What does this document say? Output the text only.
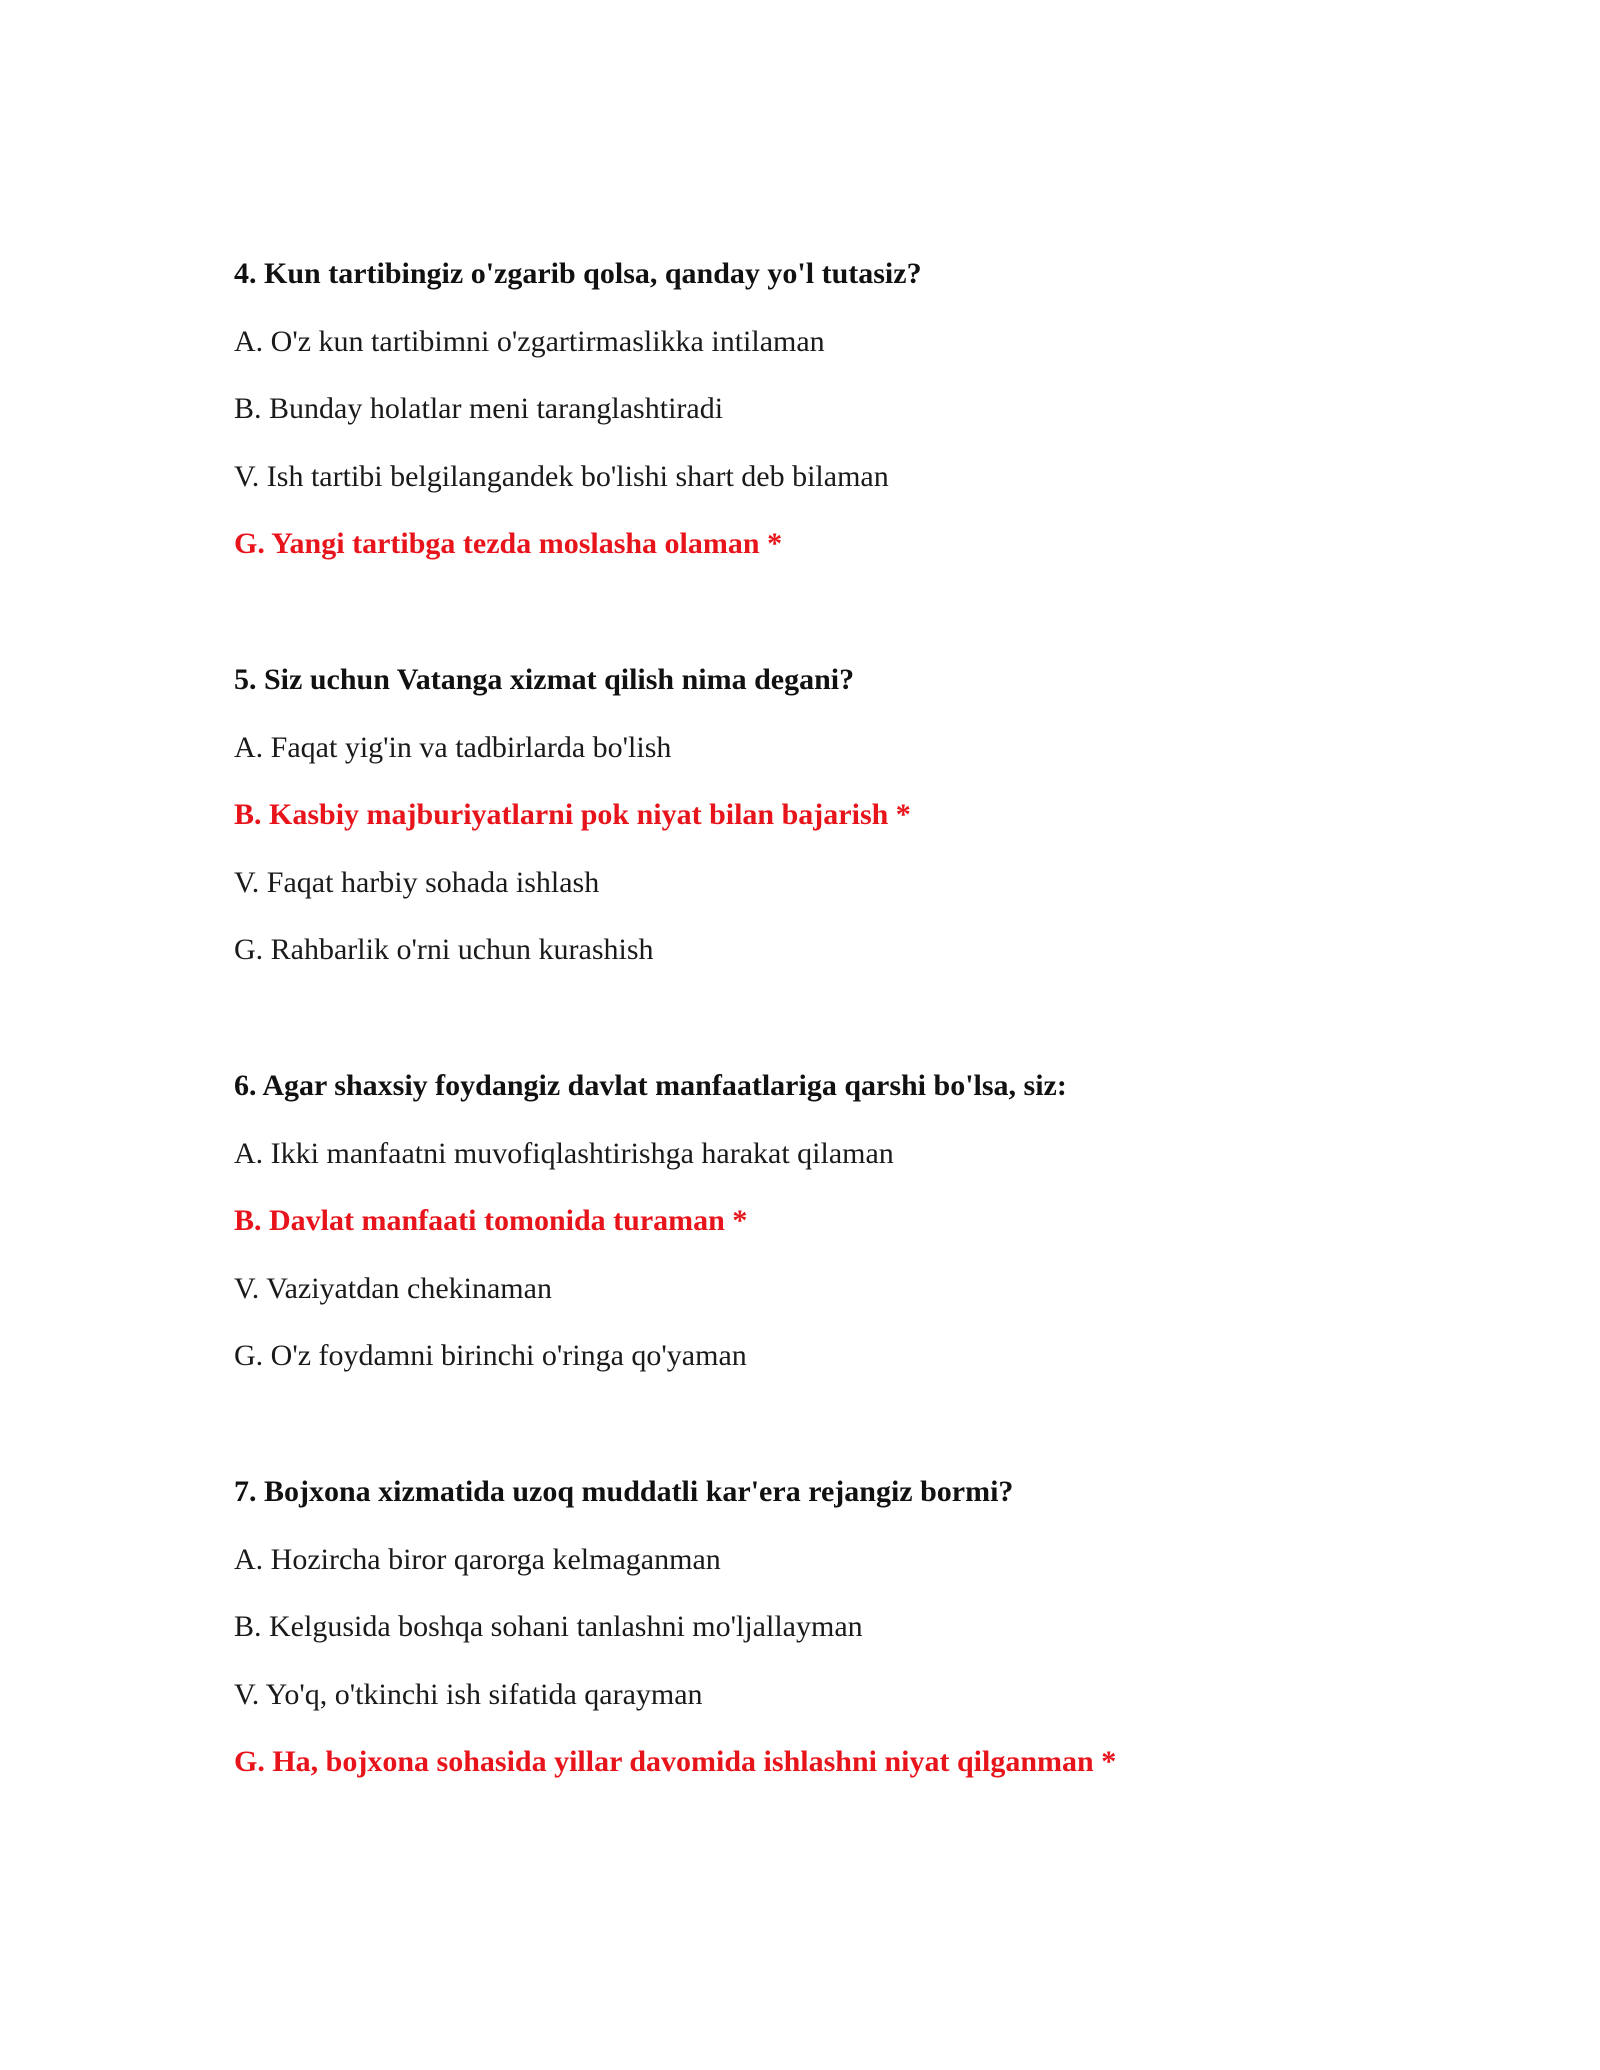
4. Kun tartibingiz o'zgarib qolsa, qanday yo'l tutasiz?
A. O'z kun tartibimni o'zgartirmaslikka intilaman
B. Bunday holatlar meni taranglashtiradi
V. Ish tartibi belgilangandek bo'lishi shart deb bilaman
G. Yangi tartibga tezda moslasha olaman *
5. Siz uchun Vatanga xizmat qilish nima degani?
A. Faqat yig'in va tadbirlarda bo'lish
B. Kasbiy majburiyatlarni pok niyat bilan bajarish *
V. Faqat harbiy sohada ishlash
G. Rahbarlik o'rni uchun kurashish
6. Agar shaxsiy foydangiz davlat manfaatlariga qarshi bo'lsa, siz:
A. Ikki manfaatni muvofiqlashtirishga harakat qilaman
B. Davlat manfaati tomonida turaman *
V. Vaziyatdan chekinaman
G. O'z foydamni birinchi o'ringa qo'yaman
7. Bojxona xizmatida uzoq muddatli kar'era rejangiz bormi?
A. Hozircha biror qarorga kelmaganman
B. Kelgusida boshqa sohani tanlashni mo'ljallayman
V. Yo'q, o'tkinchi ish sifatida qarayman
G. Ha, bojxona sohasida yillar davomida ishlashni niyat qilganman *
